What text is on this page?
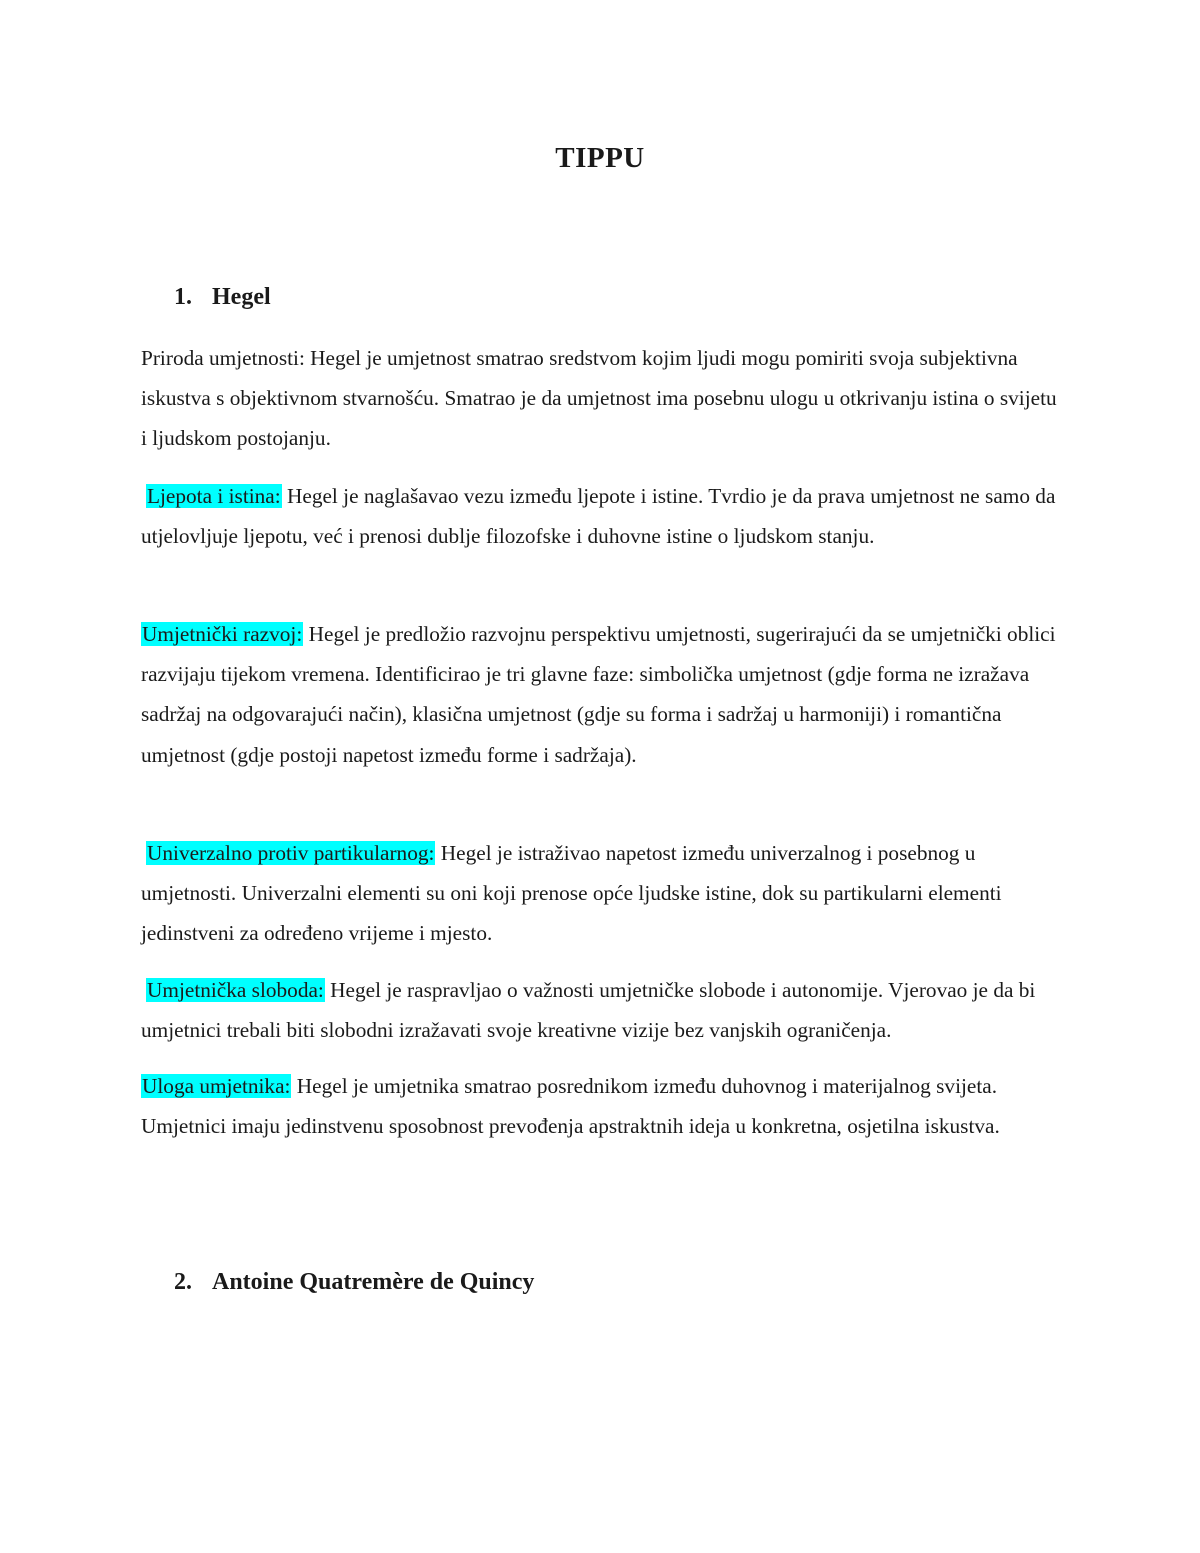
TIPPU
1. Hegel

Priroda umjetnosti: Hegel je umjetnost smatrao sredstvom kojim ljudi mogu pomiriti svoja subjektivna iskustva s objektivnom stvarnošću. Smatrao je da umjetnost ima posebnu ulogu u otkrivanju istina o svijetu i ljudskom postojanju.

Ljepota i istina: Hegel je naglašavao vezu između ljepote i istine. Tvrdio je da prava umjetnost ne samo da utjelovljuje ljepotu, već i prenosi dublje filozofske i duhovne istine o ljudskom stanju.

Umjetnički razvoj: Hegel je predložio razvojnu perspektivu umjetnosti, sugerirajući da se umjetnički oblici razvijaju tijekom vremena. Identificirao je tri glavne faze: simbolička umjetnost (gdje forma ne izražava sadržaj na odgovarajući način), klasična umjetnost (gdje su forma i sadržaj u harmoniji) i romantična umjetnost (gdje postoji napetost između forme i sadržaja).

Univerzalno protiv partikularnog: Hegel je istraživao napetost između univerzalnog i posebnog u umjetnosti. Univerzalni elementi su oni koji prenose opće ljudske istine, dok su partikularni elementi jedinstveni za određeno vrijeme i mjesto.

Umjetnička sloboda: Hegel je raspravljao o važnosti umjetničke slobode i autonomije. Vjerovao je da bi umjetnici trebali biti slobodni izražavati svoje kreativne vizije bez vanjskih ograničenja.

Uloga umjetnika: Hegel je umjetnika smatrao posrednikom između duhovnog i materijalnog svijeta. Umjetnici imaju jedinstvenu sposobnost prevođenja apstraktnih ideja u konkretna, osjetilna iskustva.

2. Antoine Quatremère de Quincy
